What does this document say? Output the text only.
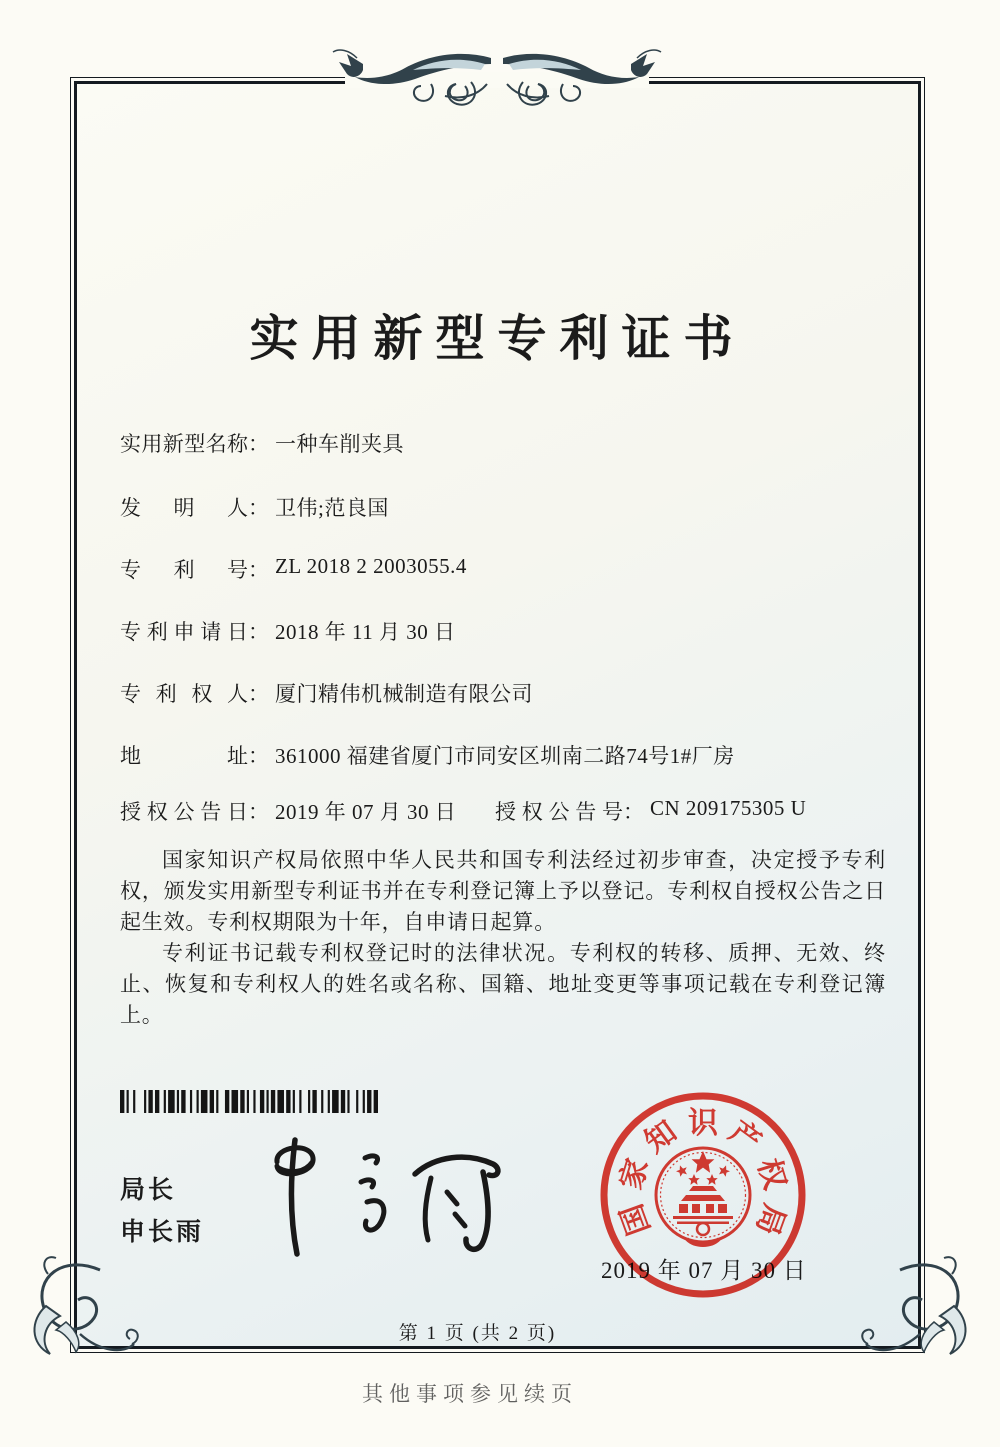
实用新型专利证书
实用新型名称： 一种车削夹具
发明人： 卫伟;范良国
专利号： ZL 2018 2 2003055.4
专利申请日： 2018 年 11 月 30 日
专利权人： 厦门精伟机械制造有限公司
地址： 361000 福建省厦门市同安区圳南二路74号1#厂房
授权公告日： 2019 年 07 月 30 日 授权公告号： CN 209175305 U

国家知识产权局依照中华人民共和国专利法经过初步审查，决定授予专利权，颁发实用新型专利证书并在专利登记簿上予以登记。专利权自授权公告之日起生效。专利权期限为十年，自申请日起算。

专利证书记载专利权登记时的法律状况。专利权的转移、质押、无效、终止、恢复和专利权人的姓名或名称、国籍、地址变更等事项记载在专利登记簿上。

局长
申长雨
2019 年 07 月 30 日
国
家
知 识 产
权
局
第 1 页 (共 2 页)
其他事项参见续页
